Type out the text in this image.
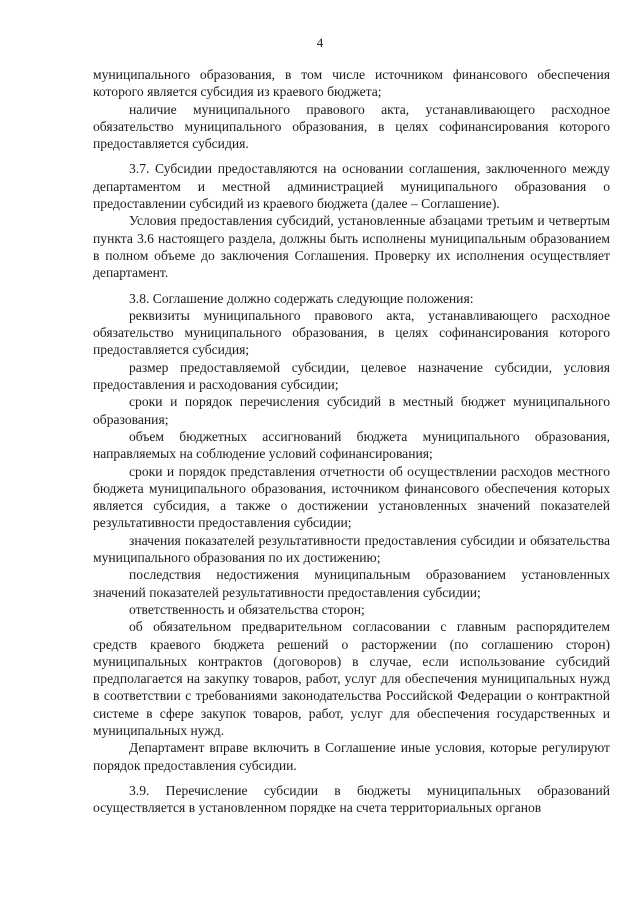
4

муниципального образования, в том числе источником финансового обеспечения которого является субсидия из краевого бюджета;

наличие муниципального правового акта, устанавливающего расходное обязательство муниципального образования, в целях софинансирования которого предоставляется субсидия.

3.7. Субсидии предоставляются на основании соглашения, заключенного между департаментом и местной администрацией муниципального образования о предоставлении субсидий из краевого бюджета (далее – Соглашение).

Условия предоставления субсидий, установленные абзацами третьим и четвертым пункта 3.6 настоящего раздела, должны быть исполнены муниципальным образованием в полном объеме до заключения Соглашения. Проверку их исполнения осуществляет департамент.

3.8. Соглашение должно содержать следующие положения:

реквизиты муниципального правового акта, устанавливающего расходное обязательство муниципального образования, в целях софинансирования которого предоставляется субсидия;

размер предоставляемой субсидии, целевое назначение субсидии, условия предоставления и расходования субсидии;

сроки и порядок перечисления субсидий в местный бюджет муниципального образования;

объем бюджетных ассигнований бюджета муниципального образования, направляемых на соблюдение условий софинансирования;

сроки и порядок представления отчетности об осуществлении расходов местного бюджета муниципального образования, источником финансового обеспечения которых является субсидия, а также о достижении установленных значений показателей результативности предоставления субсидии;

значения показателей результативности предоставления субсидии и обязательства муниципального образования по их достижению;

последствия недостижения муниципальным образованием установленных значений показателей результативности предоставления субсидии;

ответственность и обязательства сторон;

об обязательном предварительном согласовании с главным распорядителем средств краевого бюджета решений о расторжении (по соглашению сторон) муниципальных контрактов (договоров) в случае, если использование субсидий предполагается на закупку товаров, работ, услуг для обеспечения муниципальных нужд в соответствии с требованиями законодательства Российской Федерации о контрактной системе в сфере закупок товаров, работ, услуг для обеспечения государственных и муниципальных нужд.

Департамент вправе включить в Соглашение иные условия, которые регулируют порядок предоставления субсидии.

3.9. Перечисление субсидии в бюджеты муниципальных образований осуществляется в установленном порядке на счета территориальных органов
